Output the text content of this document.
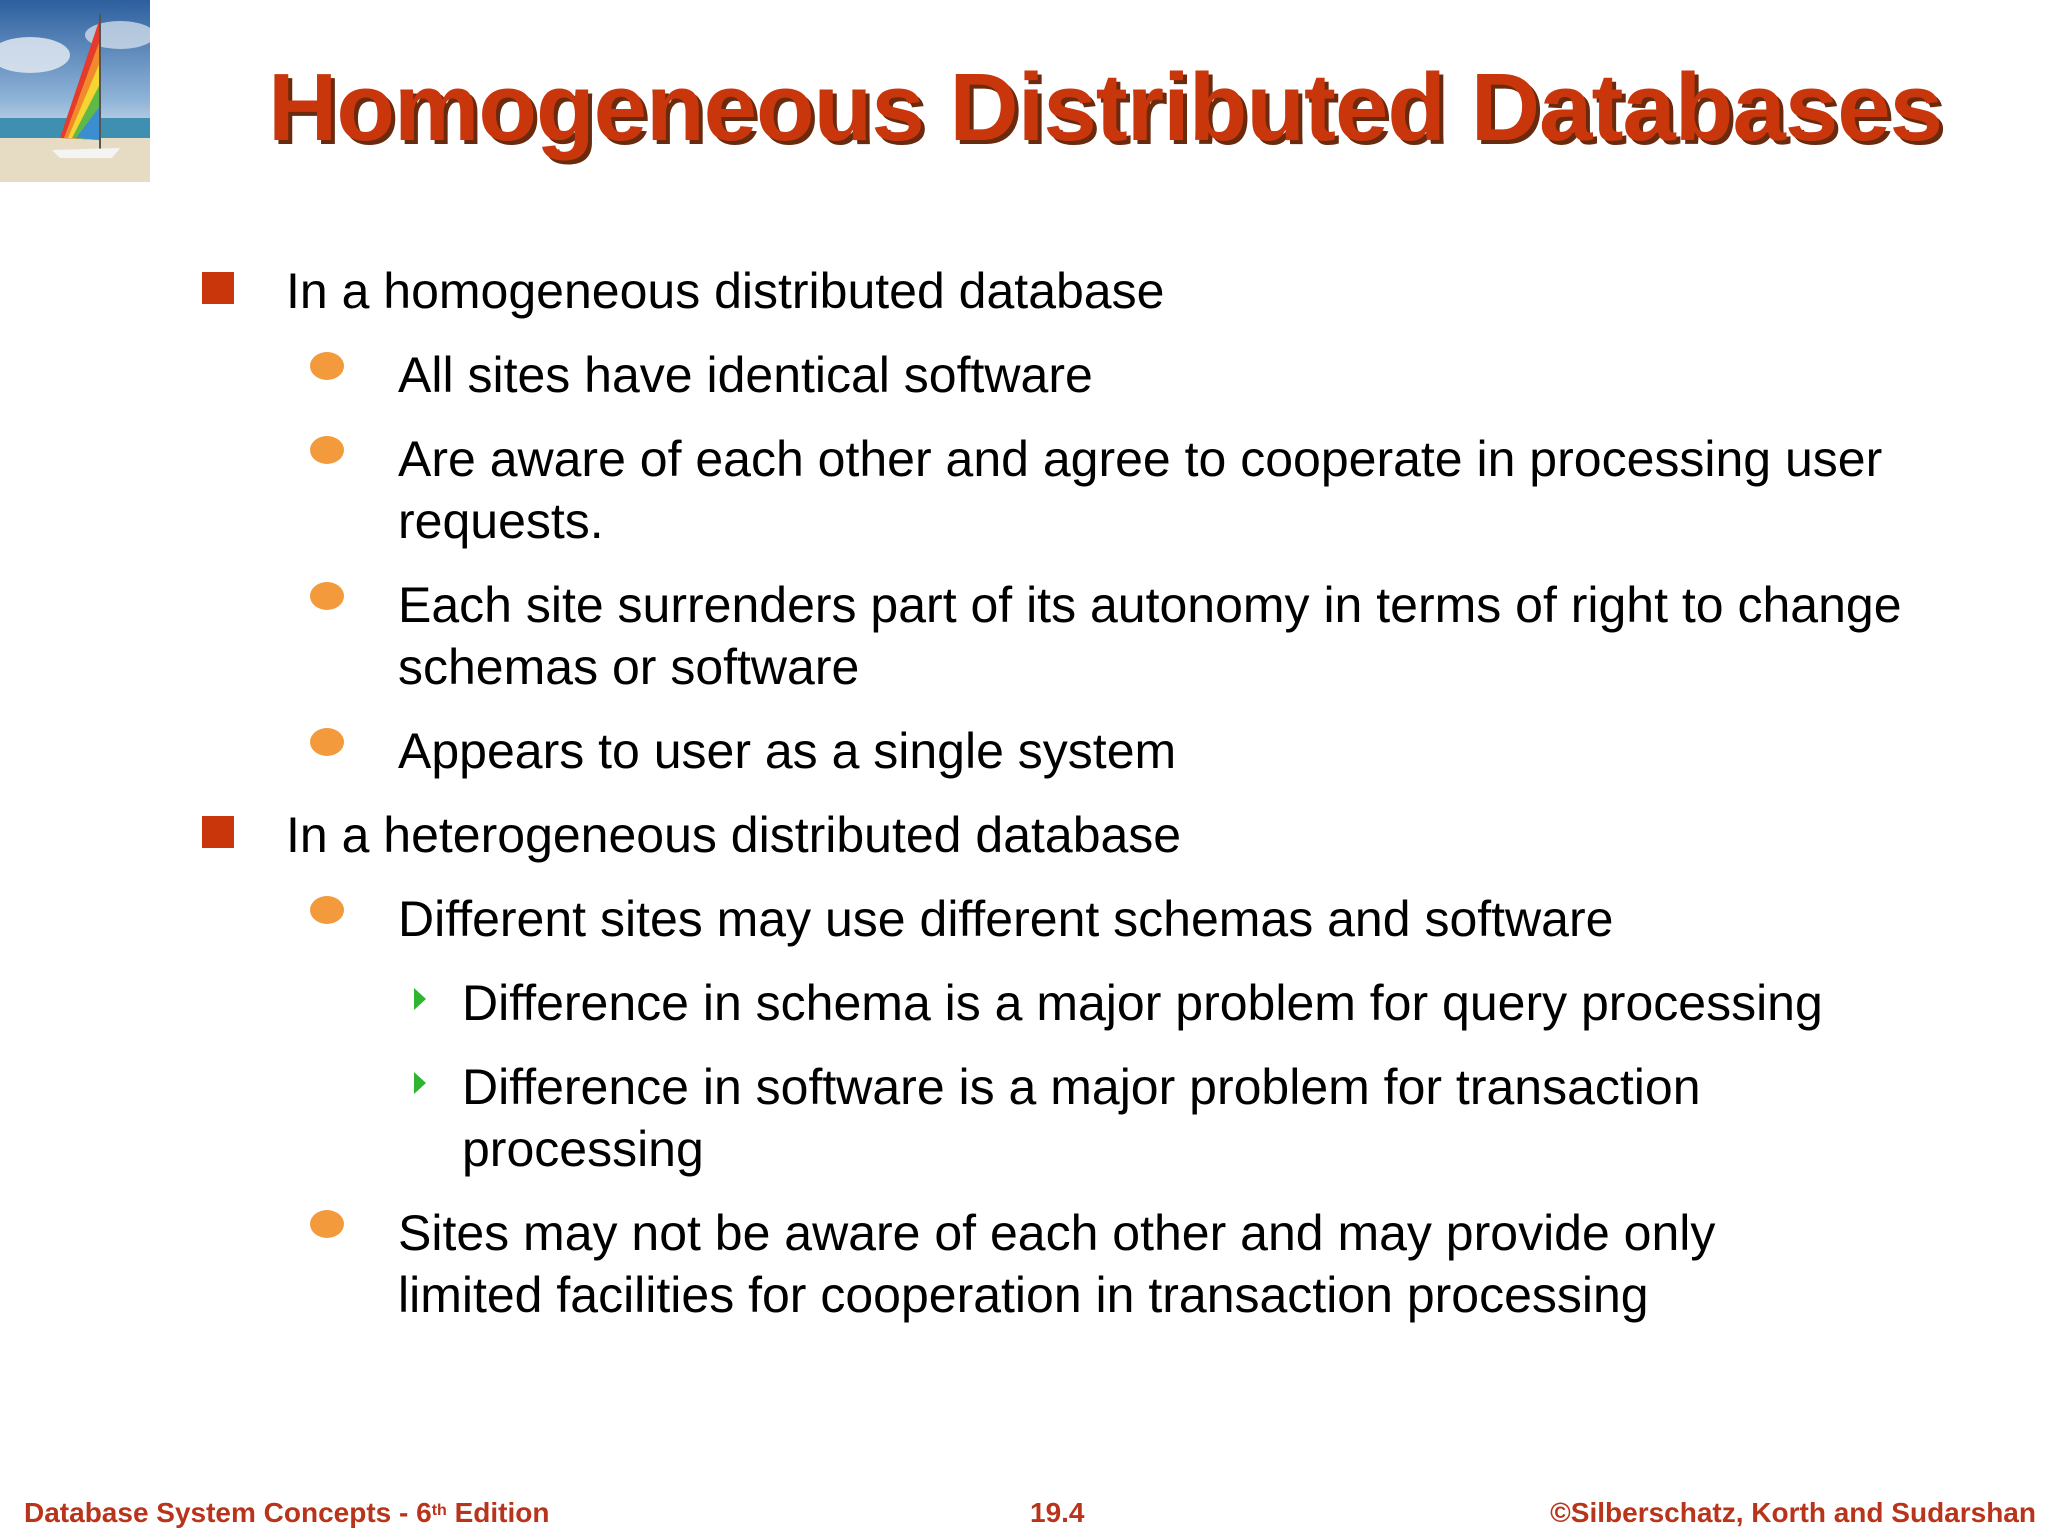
Homogeneous Distributed Databases
In a homogeneous distributed database
All sites have identical software
Are aware of each other and agree to cooperate in processing user requests.
Each site surrenders part of its autonomy in terms of right to change schemas or software
Appears to user as a single system
In a heterogeneous distributed database
Different sites may use different schemas and software
Difference in schema is a major problem for query processing
Difference in software is a major problem for transaction processing
Sites may not be aware of each other and may provide only limited facilities for cooperation in transaction processing
Database System Concepts - 6th Edition	19.4	©Silberschatz, Korth and Sudarshan
